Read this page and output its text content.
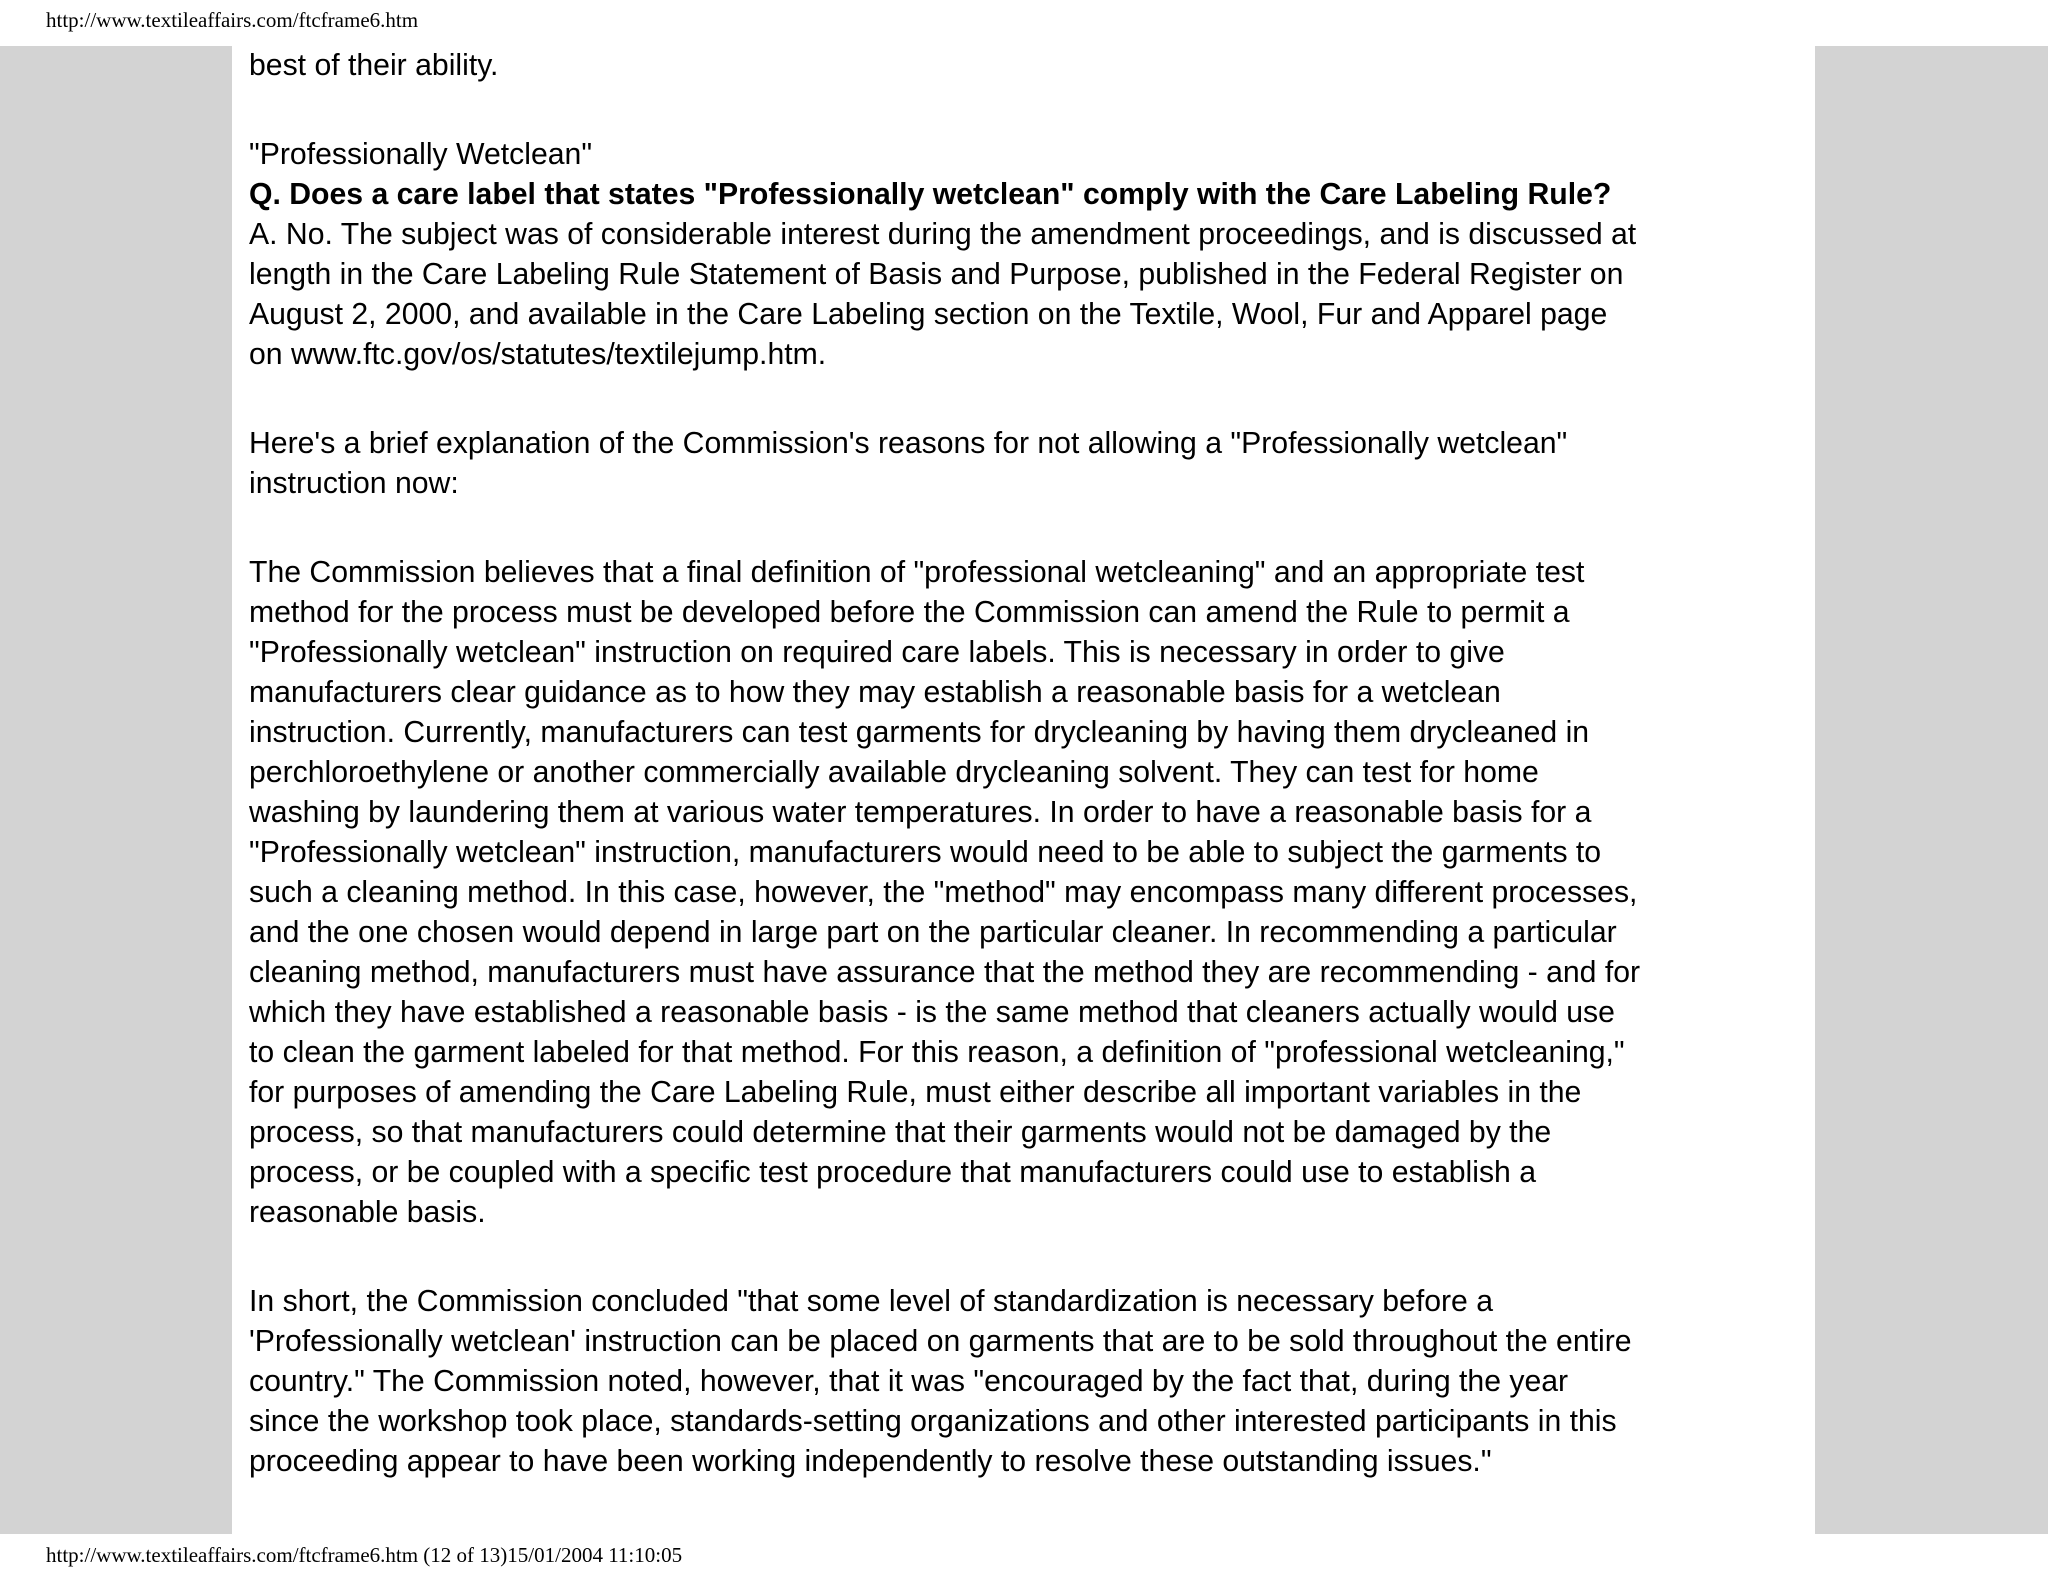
http://www.textileaffairs.com/ftcframe6.htm

best of their ability.

"Professionally Wetclean"

Q. Does a care label that states "Professionally wetclean" comply with the Care Labeling Rule?

A. No. The subject was of considerable interest during the amendment proceedings, and is discussed at
length in the Care Labeling Rule Statement of Basis and Purpose, published in the Federal Register on
August 2, 2000, and available in the Care Labeling section on the Textile, Wool, Fur and Apparel page
on www.ftc.gov/os/statutes/textilejump.htm.

Here's a brief explanation of the Commission's reasons for not allowing a "Professionally wetclean"
instruction now:

The Commission believes that a final definition of "professional wetcleaning" and an appropriate test
method for the process must be developed before the Commission can amend the Rule to permit a
"Professionally wetclean" instruction on required care labels. This is necessary in order to give
manufacturers clear guidance as to how they may establish a reasonable basis for a wetclean
instruction. Currently, manufacturers can test garments for drycleaning by having them drycleaned in
perchloroethylene or another commercially available drycleaning solvent. They can test for home
washing by laundering them at various water temperatures. In order to have a reasonable basis for a
"Professionally wetclean" instruction, manufacturers would need to be able to subject the garments to
such a cleaning method. In this case, however, the "method" may encompass many different processes,
and the one chosen would depend in large part on the particular cleaner. In recommending a particular
cleaning method, manufacturers must have assurance that the method they are recommending - and for
which they have established a reasonable basis - is the same method that cleaners actually would use
to clean the garment labeled for that method. For this reason, a definition of "professional wetcleaning,"
for purposes of amending the Care Labeling Rule, must either describe all important variables in the
process, so that manufacturers could determine that their garments would not be damaged by the
process, or be coupled with a specific test procedure that manufacturers could use to establish a
reasonable basis.

In short, the Commission concluded "that some level of standardization is necessary before a
'Professionally wetclean' instruction can be placed on garments that are to be sold throughout the entire
country." The Commission noted, however, that it was "encouraged by the fact that, during the year
since the workshop took place, standards-setting organizations and other interested participants in this
proceeding appear to have been working independently to resolve these outstanding issues."

http://www.textileaffairs.com/ftcframe6.htm (12 of 13)15/01/2004 11:10:05
